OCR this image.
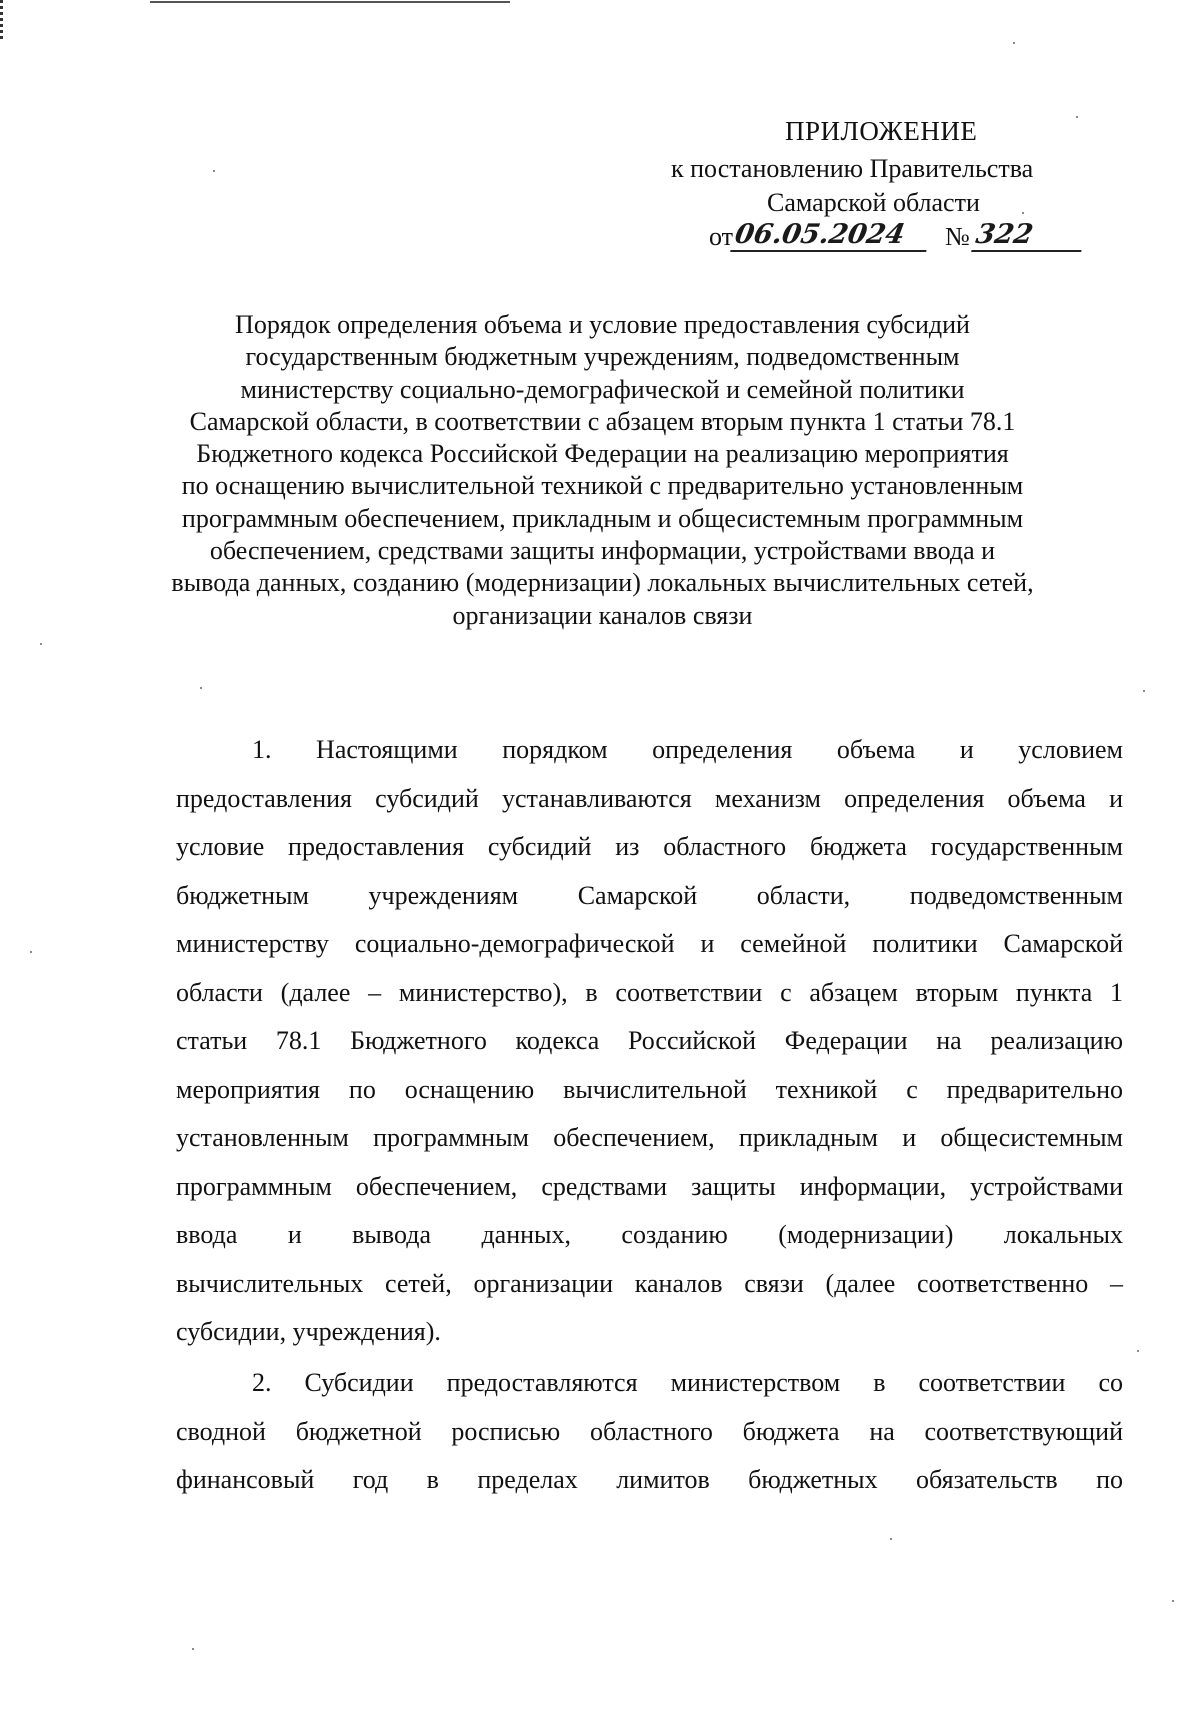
ПРИЛОЖЕНИЕ
к постановлению Правительства
Самарской области
от 06.05.2024	№ 322
Порядок определения объема и условие предоставления субсидий
государственным бюджетным учреждениям, подведомственным
министерству социально-демографической и семейной политики
Самарской области, в соответствии с абзацем вторым пункта 1 статьи 78.1
Бюджетного кодекса Российской Федерации на реализацию мероприятия
по оснащению вычислительной техникой с предварительно установленным
программным обеспечением, прикладным и общесистемным программным
обеспечением, средствами защиты информации, устройствами ввода и
вывода данных, созданию (модернизации) локальных вычислительных сетей,
организации каналов связи
1. Настоящими порядком определения объема и условием
предоставления субсидий устанавливаются механизм определения объема и
условие предоставления субсидий из областного бюджета государственным
бюджетным учреждениям Самарской области, подведомственным
министерству социально-демографической и семейной политики Самарской
области (далее – министерство), в соответствии с абзацем вторым пункта 1
статьи 78.1 Бюджетного кодекса Российской Федерации на реализацию
мероприятия по оснащению вычислительной техникой с предварительно
установленным программным обеспечением, прикладным и общесистемным
программным обеспечением, средствами защиты информации, устройствами
ввода и вывода данных, созданию (модернизации) локальных
вычислительных сетей, организации каналов связи (далее соответственно –
субсидии, учреждения).
2. Субсидии предоставляются министерством в соответствии со
сводной бюджетной росписью областного бюджета на соответствующий
финансовый год в пределах лимитов бюджетных обязательств по
